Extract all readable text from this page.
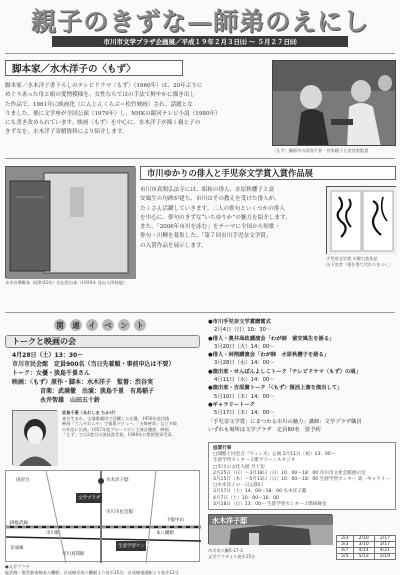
親子のきずな—師弟のえにし
市川市文学プラザ企画展／平成１９年２月３日㈯ ～ ５月２７日㈰
脚本家／水木洋子の〈もず〉
脚本家／水木洋子書下ろしのテレビドラマ〈もず〉（1960年）は、20年ぶりに
めぐりあった母と娘の愛憎模様を、女性ならではの手法で鮮やかに描き出し
た作品で、1961年に映画化（にんじんくらぶ＝松竹映画）され、話題とな
りました。後に文学座が全国公演（1979年）し、NHKの銀河テレビ小説（1980年）
にも書き改められています。映画〈もず〉を中心に、水木洋子が描く親と子の
きずなを、水木洋子寄贈資料により紹介します。
〈もず〉撮影中の淡島千景・有馬稲子と渋谷実監督
水木自筆脚本（昭和35年）宣伝用台本（1930年 見出人所持他）
市川ゆかりの俳人と手児奈文学賞入賞作品展
市川市真間弘法寺には、昭和の俳人、水原秋櫻子と富
安風生の句碑が建ち、市川はその教えを受けた俳人が、
たくさん活躍していきます。二人の俳句といくつかの俳人
を中心に、俳句のきずな“いちゆりか”の魅力を紹介します。
また、「2006年市川を詠む」をテーマに全国から短歌・
俳句・川柳を募集した、「第７回市川手児奈文学賞」
の入賞作品を展示します。
手児奈文学賞 川柳大賞作品
山下雪彦「週を得て代わりをつく」
関	連	イ	ベ	ン	ト
トークと映画の会
4月28日（土）13：30～
市川市民会館　定員900名（当日先着順・事前申込は不要）
トーク：女優・淡島千景さん
映画：〈もず〉原作・脚本：水木洋子　監督：渋谷実
音楽：武満徹　出演：淡島千景　有馬稲子
永井智雄　山田五十鈴
淡島千景（あわしま ちかげ）
東京生まれ。宝塚歌劇団で活躍した女優。1950年退団後
映画『てんやわんや』で銀幕デビュー。「夫婦善哉」など多数
の作品に出演。1957年度ブルーリボン主演女優賞、映画
「もず」では2度目の演技賞受賞。1988年に紫綬褒章受章。
●市川手児奈文学賞贈賞式
2月4日（日）10：30～
●俳人・奥井高政講演会「わが師　富安風生を語る」
3月20日（火）14：00～
●俳人・林翔講演会「わが師　水原秋櫻子を語る」
3月28日（水）14：00～
●演出家・せんぼんよしこトーク「テレビドラマ〈もず〉の頃」
4月11日（水）14：00～
●演出家・吉原廣トーク「〈もず〉復活上演を演出して」
5月10日（木）14：00～
●ギャラリートーク
5月17日（木）14：00～
「手児奈文学賞」にまつわる市川の魅力」講師：文学プラザ職員
いずれも場所は文学プラザ　定員60名　要予約
協賛行事
□開館と同会合『ウィンズ』公演 2月11日（祝）13：00～
生涯学習センター２階グリーンスタジオ
□市川の文化人展 月上旬
2月25日（日）～3月18日（日）10：00～18：00 市川市文化会館展示室
3月15日（木）～5月13日（日）10：00～18：00 生涯学習センター 第一ギャラリー
□水木洋子の一日公開日
3月17日（土）14：00～18：00 水木洋子邸
4月7日（土）10：00～16：00
3月18日（日）13：00～ 生涯学習センター３階研修室
文学プラザ
市川市民会館
市川駅
JR総武線
京成線
国府台	水木洋子邸
市川真間駅
生涯学習センター
本八幡駅
下総中山	水木洋子邸
●文学プラザ
総武線・都営新宿線本八幡駅、京成線京成八幡駅より徒歩15分、京成線鬼越駅より徒歩12分
市川市八幡5-17-3
文学プラザより徒歩15分
2/3	2/10	2/17
3/3	3/10	3/17
4/7	4/14	4/21
5/5	5/12	5/19
